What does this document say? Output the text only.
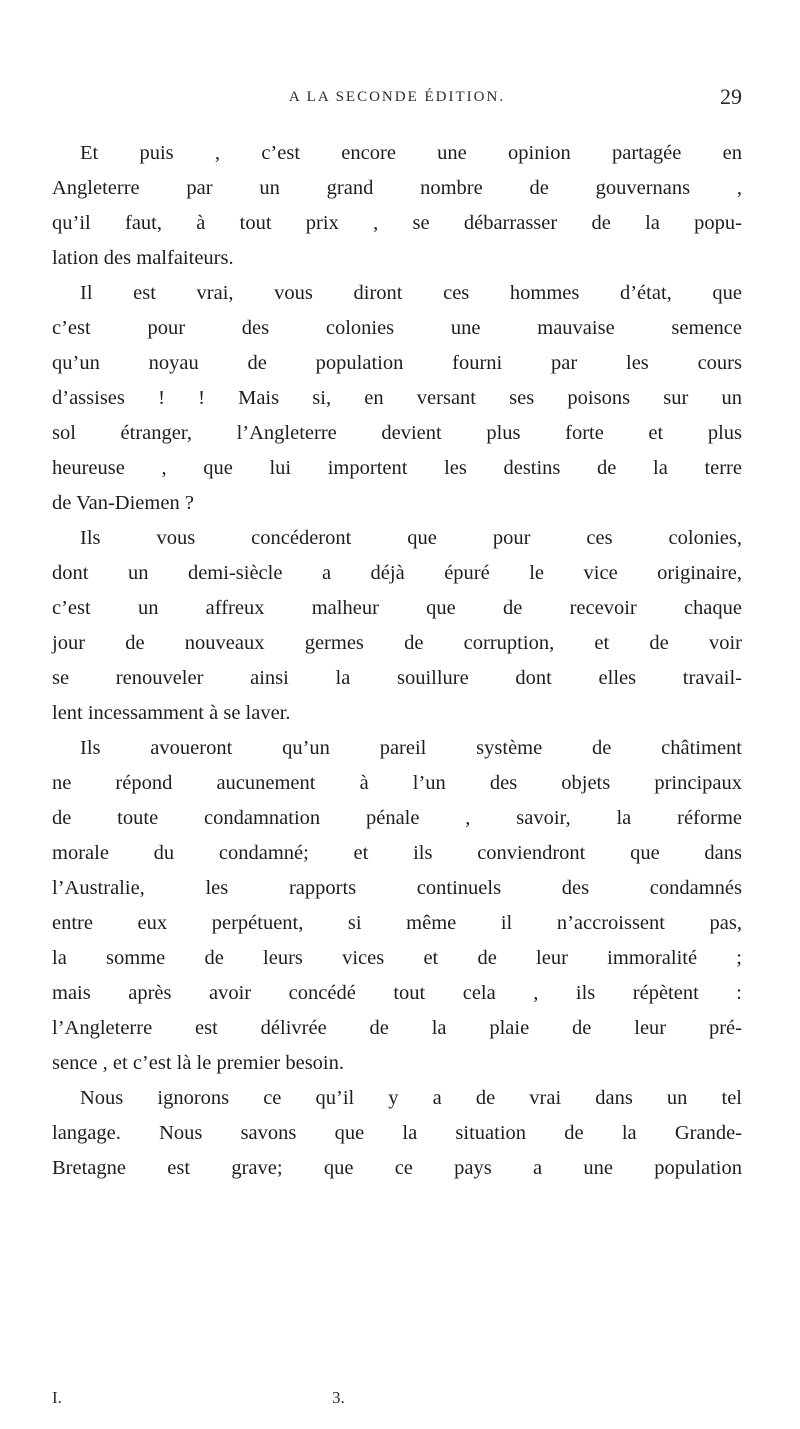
A LA SECONDE ÉDITION.	29
Et puis , c’est encore une opinion partagée en
Angleterre par un grand nombre de gouvernans ,
qu’il faut, à tout prix , se débarrasser de la popu-
lation des malfaiteurs.
Il est vrai, vous diront ces hommes d’état, que
c’est pour des colonies une mauvaise semence
qu’un noyau de population fourni par les cours
d’assises ! ! Mais si, en versant ses poisons sur un
sol étranger, l’Angleterre devient plus forte et plus
heureuse , que lui importent les destins de la terre
de Van-Diemen ?
Ils vous concéderont que pour ces colonies,
dont un demi-siècle a déjà épuré le vice originaire,
c’est un affreux malheur que de recevoir chaque
jour de nouveaux germes de corruption, et de voir
se renouveler ainsi la souillure dont elles travail-
lent incessamment à se laver.
Ils avoueront qu’un pareil système de châtiment
ne répond aucunement à l’un des objets principaux
de toute condamnation pénale , savoir, la réforme
morale du condamné; et ils conviendront que dans
l’Australie, les rapports continuels des condamnés
entre eux perpétuent, si même il n’accroissent pas,
la somme de leurs vices et de leur immoralité ;
mais après avoir concédé tout cela , ils répètent :
l’Angleterre est délivrée de la plaie de leur pré-
sence , et c’est là le premier besoin.
Nous ignorons ce qu’il y a de vrai dans un tel
langage. Nous savons que la situation de la Grande-
Bretagne est grave; que ce pays a une population
I.	3.
